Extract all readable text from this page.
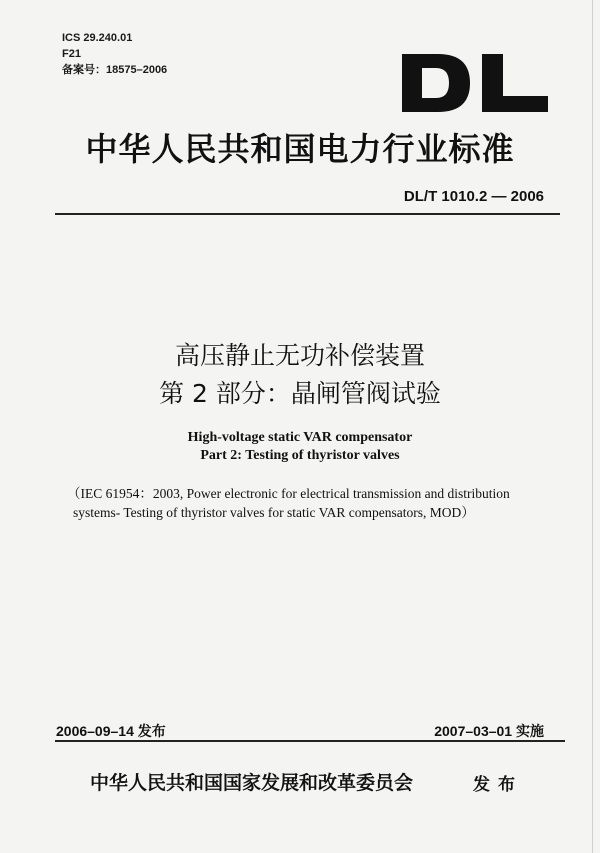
ICS 29.240.01
F21
备案号：18575–2006
中华人民共和国电力行业标准
DL/T 1010.2 — 2006
高压静止无功补偿装置
第 2 部分：晶闸管阀试验
High-voltage static VAR compensator
Part 2: Testing of thyristor valves
（IEC 61954：2003, Power electronic for electrical transmission and distribution
systems- Testing of thyristor valves for static VAR compensators, MOD）
2006–09–14 发布	2007–03–01 实施
中华人民共和国国家发展和改革委员会	发布
